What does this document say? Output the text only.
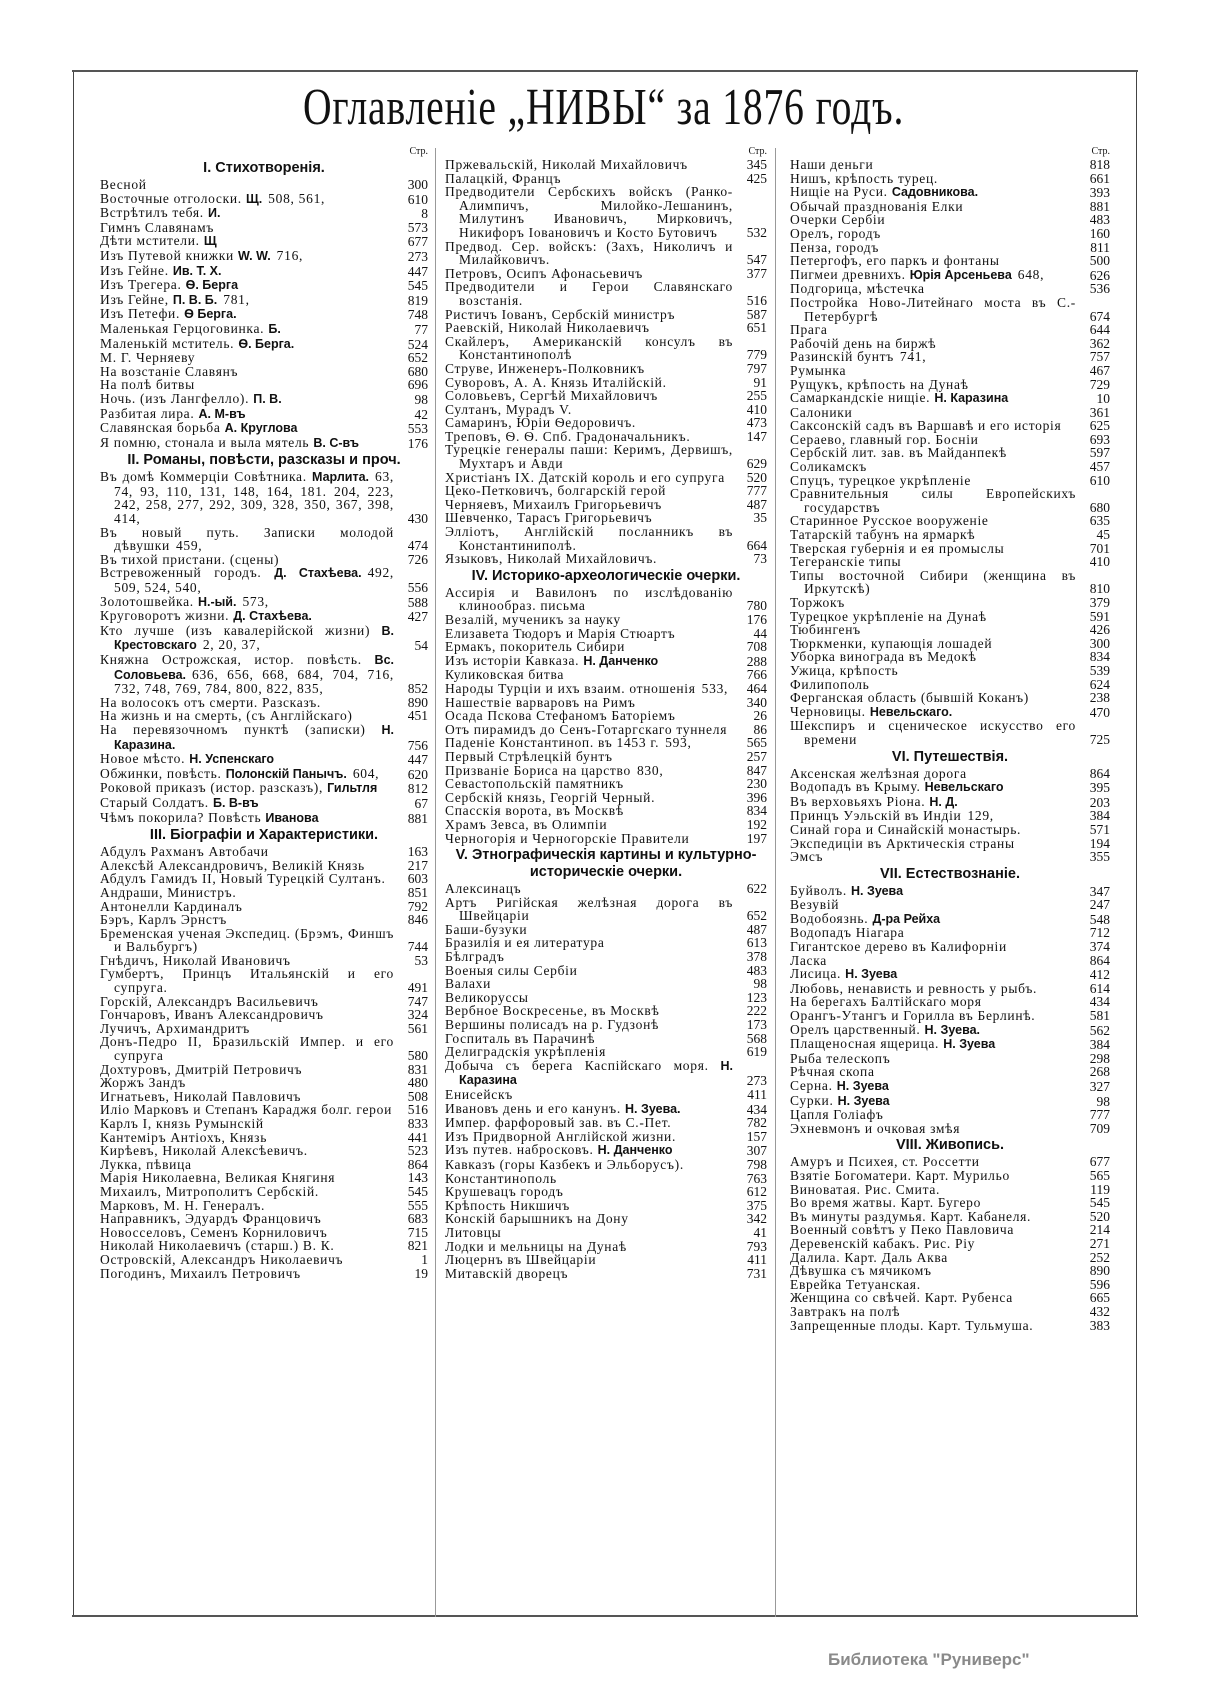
Оглавленіе „НИВЫ“ за 1876 годъ.
Стр.
I. Стихотворенія.
Весной	300
Восточные отголоски. Щ. 508, 561,	610
Встрѣтилъ тебя. И.	8
Гимнъ Славянамъ	573
Дѣти мстители. Щ	677
Изъ Путевой книжки W. W. 716,	273
Изъ Гейне. Ив. Т. Х.	447
Изъ Трегера. Ѳ. Берга	545
Изъ Гейне, П. В. Б. 781,	819
Изъ Петефи. Ѳ Берга.	748
Маленькая Герцоговинка. Б.	77
Маленькій мститель. Ѳ. Берга.	524
М. Г. Черняеву	652
На возстаніе Славянъ	680
На полѣ битвы	696
Ночь. (изъ Лангфелло). П. В.	98
Разбитая лира. А. М-въ	42
Славянская борьба А. Круглова	553
Я помню, стонала и выла мятель В. С-въ	176
II. Романы, повѣсти, разсказы и проч.
Въ домѣ Коммерціи Совѣтника. Марлита. 63, 74, 93, 110, 131, 148, 164, 181. 204, 223, 242, 258, 277, 292, 309, 328, 350, 367, 398, 414,	430
Въ новый путь. Записки молодой дѣвушки 459,	474
Въ тихой пристани. (сцены)	726
Встревоженный городъ. Д. Стахѣева. 492, 509, 524, 540,	556
Золотошвейка. Н.-ый. 573,	588
Круговоротъ жизни. Д. Стахѣева.	427
Кто лучше (изъ кавалерійской жизни) В. Крестовскаго 2, 20, 37,	54
Княжна Острожская, истор. повѣсть. Вс. Соловьева. 636, 656, 668, 684, 704, 716, 732, 748, 769, 784, 800, 822, 835,	852
На волосокъ отъ смерти. Разсказъ.	890
На жизнь и на смерть, (съ Англійскаго)	451
На перевязочномъ пунктѣ (записки) Н. Каразина.	756
Новое мѣсто. Н. Успенскаго	447
Обжинки, повѣсть. Полонскій Панычъ. 604,	620
Роковой приказъ (истор. разсказъ), Гильтля	812
Старый Солдатъ. Б. В-въ	67
Чѣмъ покорила? Повѣсть Иванова	881
III. Біографіи и Характеристики.
Абдулъ Рахманъ Автобачи	163
Алексѣй Александровичъ, Великій Князь	217
Абдулъ Гамидъ II, Новый Турецкій Султанъ.	603
Андраши, Министръ.	851
Антонелли Кардиналъ	792
Бэръ, Карлъ Эрнстъ	846
Бременская ученая Экспедиц. (Брэмъ, Финшъ и Вальбургъ)	744
Гнѣдичъ, Николай Ивановичъ	53
Гумбертъ, Принцъ Итальянскій и его супруга.	491
Горскій, Александръ Васильевичъ	747
Гончаровъ, Иванъ Александровичъ	324
Лучичъ, Архимандритъ	561
Донъ-Педро II, Бразильскій Импер. и его супруга	580
Дохтуровъ, Дмитрій Петровичъ	831
Жоржъ Зандъ	480
Игнатьевъ, Николай Павловичъ	508
Иліо Марковъ и Степанъ Караджя болг. герои	516
Карлъ I, князь Румынскій	833
Кантеміръ Антіохъ, Князь	441
Кирѣевъ, Николай Алексѣевичъ.	523
Лукка, пѣвица	864
Марія Николаевна, Великая Княгиня	143
Михаилъ, Митрополитъ Сербскій.	545
Марковъ, М. Н. Генералъ.	555
Направникъ, Эдуардъ Францовичъ	683
Новосселовъ, Семенъ Корниловичъ	715
Николай Николаевичъ (старш.) В. К.	821
Островскій, Александръ Николаевичъ	1
Погодинъ, Михаилъ Петровичъ	19
Стр.
Пржевальскій, Николай Михайловичъ	345
Палацкій, Францъ	425
Предводители Сербскихъ войскъ (Ранко-Алимпичъ, Милойко-Лешанинъ, Милутинъ Ивановичъ, Мирковичъ, Никифоръ Іовановичъ и Косто Бутовичъ	532
Предвод. Сер. войскъ: (Захъ, Николичъ и Милайковичъ.	547
Петровъ, Осипъ Афонасьевичъ	377
Предводители и Герои Славянскаго возстанія.	516
Ристичъ Іованъ, Сербскій министръ	587
Раевскій, Николай Николаевичъ	651
Скайлеръ, Американскій консулъ въ Константинополѣ	779
Струве, Инженеръ-Полковникъ	797
Суворовъ, А. А. Князь Италійскій.	91
Соловьевъ, Сергѣй Михайловичъ	255
Султанъ, Мурадъ V.	410
Самаринъ, Юріи Ѳедоровичъ.	473
Треповъ, Ѳ. Ѳ. Спб. Градоначальникъ.	147
Турецкіе генералы паши: Керимъ, Дервишъ, Мухтаръ и Авди	629
Христіанъ IX. Датскій король и его супруга	520
Цеко-Петковичъ, болгарскій герой	777
Черняевъ, Михаилъ Григорьевичъ	487
Шевченко, Тарасъ Григорьевичъ	35
Эллiотъ, Англійскій посланникъ въ Константиниполѣ.	664
Языковъ, Николай Михайловичъ.	73
IV. Историко-археологическіе очерки.
Ассирія и Вавилонъ по изслѣдованію клинообраз. письма	780
Везалій, мученикъ за науку	176
Елизавета Тюдоръ и Марія Стюартъ	44
Ермакъ, покоритель Сибири	708
Изъ исторіи Кавказа. Н. Данченко	288
Куликовская битва	766
Народы Турціи и ихъ взаим. отношенія 533,	464
Нашествіе варваровъ на Римъ	340
Осада Пскова Стефаномъ Баторіемъ	26
Отъ пирамидъ до Сенъ-Готаргскаго туннеля	86
Паденіе Константиноп. въ 1453 г. 593,	565
Первый Стрѣлецкій бунтъ	257
Призваніе Бориса на царство 830,	847
Севастопольскій памятникъ	230
Сербскій князь, Георгій Черный.	396
Спасскія ворота, въ Москвѣ	834
Храмъ Зевса, въ Олимпіи	192
Черногорія и Черногорскіе Правители	197
V. Этнографическія картины и культурно-историческіе очерки.
Алексинацъ	622
Артъ Ригійская желѣзная дорога въ Швейцаріи	652
Баши-бузуки	487
Бразилія и ея литература	613
Бѣлградъ	378
Военыя силы Сербіи	483
Валахи	98
Великоруссы	123
Вербное Воскресенье, въ Москвѣ	222
Вершины полисадъ на р. Гудзонѣ	173
Госпиталь въ Парачинѣ	568
Делиградскія укрѣпленія	619
Добыча съ берега Каспійскаго моря. Н. Каразина	273
Енисейскъ	411
Ивановъ день и его канунъ. Н. Зуева.	434
Импер. фарфоровый зав. въ С.-Пет.	782
Изъ Придворной Англійской жизни.	157
Изъ путев. набросковъ. Н. Данченко	307
Кавказъ (горы Казбекъ и Эльборусъ).	798
Константинополь	763
Крушевацъ городъ	612
Крѣпость Никшичъ	375
Конскій барышникъ на Дону	342
Литовцы	41
Лодки и мельницы на Дунаѣ	793
Люцернъ въ Швейцаріи	411
Митавскій дворецъ	731
Стр.
Наши деньги	818
Нишъ, крѣпость турец.	661
Нищіе на Руси. Садовникова.	393
Обычай празднованія Елки	881
Очерки Сербіи	483
Орелъ, городъ	160
Пенза, городъ	811
Петергофъ, его паркъ и фонтаны	500
Пигмеи древнихъ. Юрія Арсеньева 648,	626
Подгорица, мѣстечка	536
Постройка Ново-Литейнаго моста въ С.-Петербургѣ	674
Прага	644
Рабочій день на биржѣ	362
Разинскій бунтъ 741,	757
Румынка	467
Рущукъ, крѣпость на Дунаѣ	729
Самаркандскіе нищіе. Н. Каразина	10
Салоники	361
Саксонскій садъ въ Варшавѣ и его исторія	625
Сераево, главный гор. Босніи	693
Сербскій лит. зав. въ Майданпекѣ	597
Соликамскъ	457
Спуцъ, турецкое укрѣпленіе	610
Сравнительныя силы Европейскихъ государствъ	680
Старинное Русское вооруженіе	635
Татарскій табунъ на ярмаркѣ	45
Тверская губернія и ея промыслы	701
Тегеранскіе типы	410
Типы восточной Сибири (женщина въ Иркутскѣ)	810
Торжокъ	379
Турецкое укрѣпленіе на Дунаѣ	591
Тюбингенъ	426
Тюркменки, купающія лошадей	300
Уборка винограда въ Медокѣ	834
Ужица, крѣпость	539
Филипополь	624
Ферганская область (бывшій Коканъ)	238
Черновицы. Невельскаго.	470
Шекспиръ и сценическое искусство его времени	725
VI. Путешествія.
Аксенская желѣзная дорога	864
Водопадъ въ Крыму. Невельскаго	395
Въ верховьяхъ Ріона. Н. Д.	203
Принцъ Уэльскій въ Индіи 129,	384
Синай гора и Синайскій монастырь.	571
Экспедиціи въ Арктическія страны	194
Эмсъ	355
VII. Естествознаніе.
Буйволъ. Н. Зуева	347
Везувій	247
Водобоязнь. Д-ра Рейха	548
Водопадъ Ніагара	712
Гигантское дерево въ Калифорніи	374
Ласка	864
Лисица. Н. Зуева	412
Любовь, ненависть и ревность у рыбъ.	614
На берегахъ Балтійскаго моря	434
Орангъ-Утангъ и Горилла въ Берлинѣ.	581
Орелъ царственный. Н. Зуева.	562
Плащеносная ящерица. Н. Зуева	384
Рыба телескопъ	298
Рѣчная скопа	268
Серна. Н. Зуева	327
Сурки. Н. Зуева	98
Цапля Голіафъ	777
Эхневмонъ и очковая змѣя	709
VIII. Живопись.
Амуръ и Психея, ст. Россетти	677
Взятіе Богоматери. Карт. Мурильо	565
Виноватая. Рис. Смита.	119
Во время жатвы. Карт. Бугеро	545
Въ минуты раздумья. Карт. Кабанеля.	520
Военный совѣтъ у Пеко Павловича	214
Деревенскій кабакъ. Рис. Ріу	271
Далила. Карт. Даль Аква	252
Дѣвушка съ мячикомъ	890
Еврейка Тетуанская.	596
Женщина со свѣчей. Карт. Рубенса	665
Завтракъ на полѣ	432
Запрещенные плоды. Карт. Тульмуша.	383
Библиотека "Руниверс"
